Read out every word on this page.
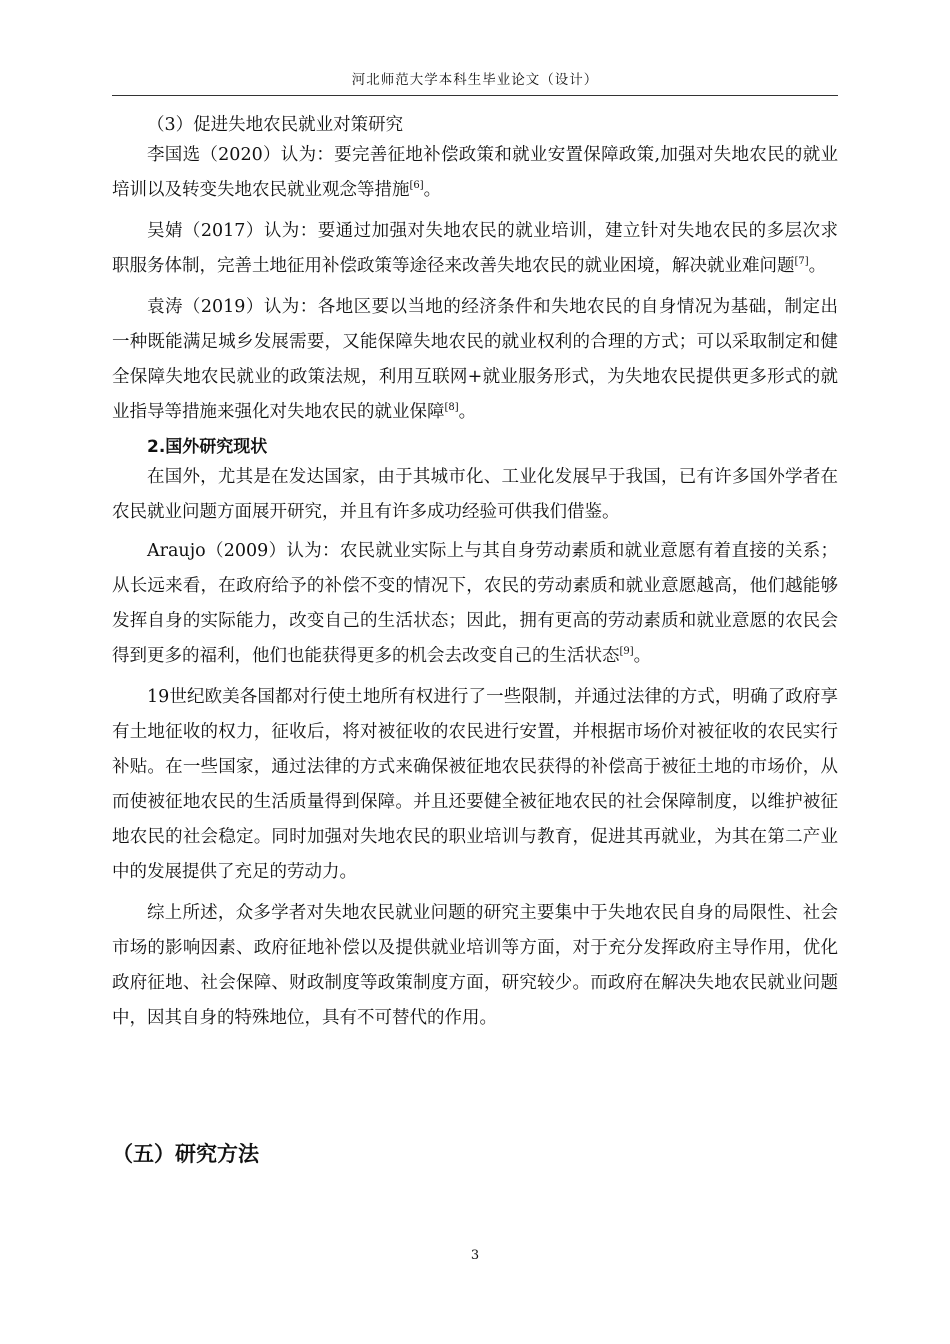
河北师范大学本科生毕业论文（设计）

（3）促进失地农民就业对策研究

李国选（2020）认为：要完善征地补偿政策和就业安置保障政策,加强对失地农民的就业培训以及转变失地农民就业观念等措施[6]。

吴婧（2017）认为：要通过加强对失地农民的就业培训，建立针对失地农民的多层次求职服务体制，完善土地征用补偿政策等途径来改善失地农民的就业困境，解决就业难问题[7]。

袁涛（2019）认为：各地区要以当地的经济条件和失地农民的自身情况为基础，制定出一种既能满足城乡发展需要，又能保障失地农民的就业权利的合理的方式；可以采取制定和健全保障失地农民就业的政策法规，利用互联网+就业服务形式，为失地农民提供更多形式的就业指导等措施来强化对失地农民的就业保障[8]。

2.国外研究现状

在国外，尤其是在发达国家，由于其城市化、工业化发展早于我国，已有许多国外学者在农民就业问题方面展开研究，并且有许多成功经验可供我们借鉴。

Araujo（2009）认为：农民就业实际上与其自身劳动素质和就业意愿有着直接的关系；从长远来看，在政府给予的补偿不变的情况下，农民的劳动素质和就业意愿越高，他们越能够发挥自身的实际能力，改变自己的生活状态；因此，拥有更高的劳动素质和就业意愿的农民会得到更多的福利，他们也能获得更多的机会去改变自己的生活状态[9]。

19世纪欧美各国都对行使土地所有权进行了一些限制，并通过法律的方式，明确了政府享有土地征收的权力，征收后，将对被征收的农民进行安置，并根据市场价对被征收的农民实行补贴。在一些国家，通过法律的方式来确保被征地农民获得的补偿高于被征土地的市场价，从而使被征地农民的生活质量得到保障。并且还要健全被征地农民的社会保障制度，以维护被征地农民的社会稳定。同时加强对失地农民的职业培训与教育，促进其再就业，为其在第二产业中的发展提供了充足的劳动力。

综上所述，众多学者对失地农民就业问题的研究主要集中于失地农民自身的局限性、社会市场的影响因素、政府征地补偿以及提供就业培训等方面，对于充分发挥政府主导作用，优化政府征地、社会保障、财政制度等政策制度方面，研究较少。而政府在解决失地农民就业问题中，因其自身的特殊地位，具有不可替代的作用。

（五）研究方法
3
